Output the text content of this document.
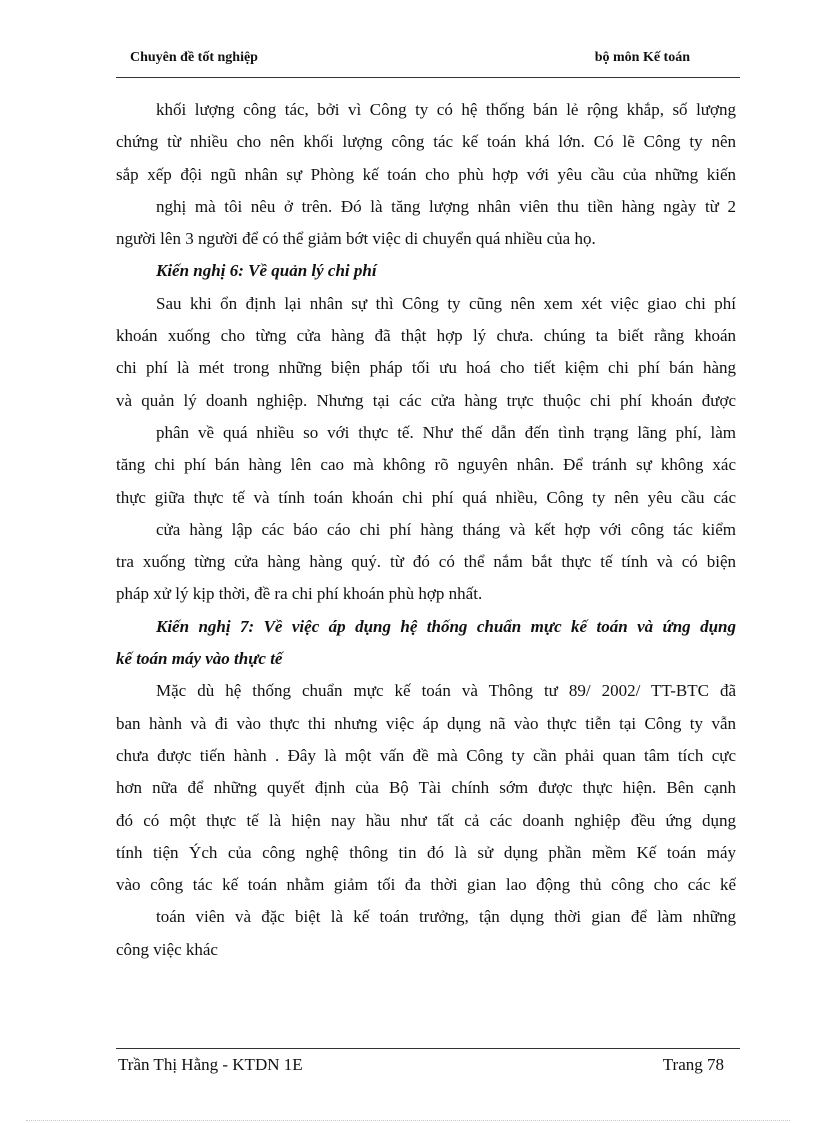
Chuyên đề tốt nghiệp	bộ môn Kế toán
khối lượng công tác, bởi vì Công ty có hệ thống bán lẻ rộng khắp, số lượng
chứng từ nhiều cho nên khối lượng công tác kế toán khá lớn. Có lẽ Công ty nên
sắp xếp đội ngũ nhân sự Phòng kế toán cho phù hợp với yêu cầu của những kiến
nghị mà tôi nêu ở trên. Đó là tăng lượng nhân viên thu tiền hàng ngày từ 2
người lên 3 người để có thể giảm bớt việc di chuyển quá nhiều của họ.
Kiến nghị 6: Về quản lý chi phí
Sau khi ổn định lại nhân sự thì Công ty cũng nên xem xét việc giao chi phí
khoán xuống cho từng cửa hàng đã thật hợp lý chưa. chúng ta biết rằng khoán
chi phí là mét trong những biện pháp tối ưu hoá cho tiết kiệm chi phí bán hàng
và quản lý doanh nghiệp. Nhưng tại các cửa hàng trực thuộc chi phí khoán được
phân về quá nhiều so với thực tế. Như thế dẫn đến tình trạng lãng phí, làm
tăng chi phí bán hàng lên cao mà không rõ nguyên nhân. Để tránh sự không xác
thực giữa thực tế và tính toán khoán chi phí quá nhiều, Công ty nên yêu cầu các
cửa hàng lập các báo cáo chi phí hàng tháng và kết hợp với công tác kiểm
tra xuống từng cửa hàng hàng quý. từ đó có thể nắm bắt thực tế tính và có biện
pháp xử lý kịp thời, đề ra chi phí khoán phù hợp nhất.
Kiến nghị 7: Về việc áp dụng hệ thống chuẩn mực kế toán và ứng dụng
kế toán máy vào thực tế
Mặc dù hệ thống chuẩn mực kế toán và Thông tư 89/ 2002/ TT-BTC đã
ban hành và đi vào thực thi nhưng việc áp dụng nã vào thực tiễn tại Công ty vẫn
chưa được tiến hành . Đây là một vấn đề mà Công ty cần phải quan tâm tích cực
hơn nữa để những quyết định của Bộ Tài chính sớm được thực hiện. Bên cạnh
đó có một thực tế là hiện nay hầu như tất cả các doanh nghiệp đều ứng dụng
tính tiện Ých của công nghệ thông tin đó là sử dụng phần mềm Kế toán máy
vào công tác kế toán nhằm giảm tối đa thời gian lao động thủ công cho các kế
toán viên và đặc biệt là kế toán trưởng, tận dụng thời gian để làm những
công việc khác
Trần Thị Hằng - KTDN 1E	Trang 78
